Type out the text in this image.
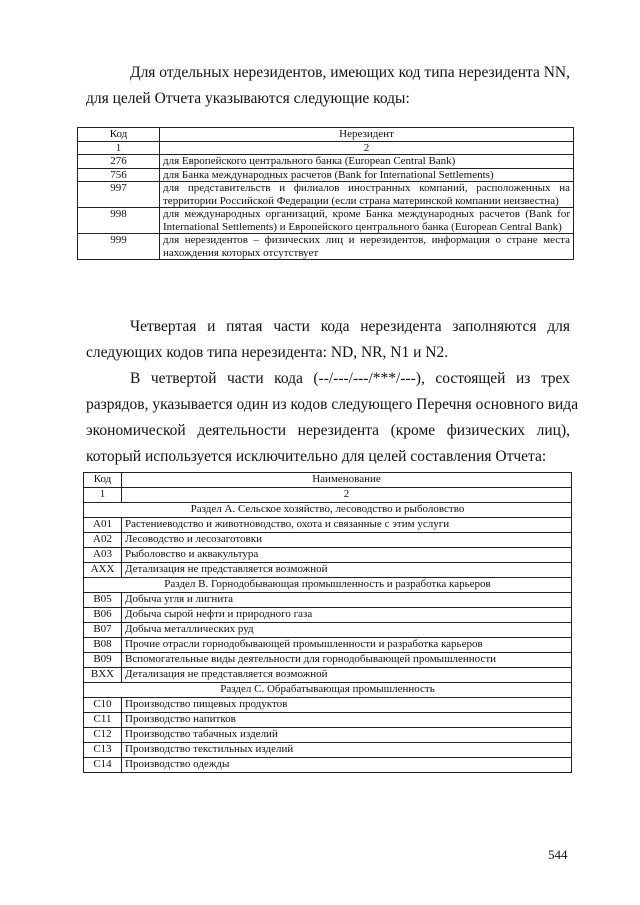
Для отдельных нерезидентов, имеющих код типа нерезидента NN,
для целей Отчета указываются следующие коды:

Код	Нерезидент
1	2
276	для Европейского центрального банка (European Central Bank)
756	для Банка международных расчетов (Bank for International Settlements)
997	для представительств и филиалов иностранных компаний, расположенных на территории Российской Федерации (если страна материнской компании неизвестна)
998	для международных организаций, кроме Банка международных расчетов (Bank for International Settlements) и Европейского центрального банка (European Central Bank)
999	для нерезидентов – физических лиц и нерезидентов, информация о стране места нахождения которых отсутствует

Четвертая и пятая части кода нерезидента заполняются для
следующих кодов типа нерезидента: ND, NR, N1 и N2.

В четвертой части кода (--/---/---/***/---), состоящей из трех
разрядов, указывается один из кодов следующего Перечня основного вида
экономической деятельности нерезидента (кроме физических лиц),
который используется исключительно для целей составления Отчета:

Код	Наименование
1	2
Раздел А. Сельское хозяйство, лесоводство и рыболовство	
A01	Растениеводство и животноводство, охота и связанные с этим услуги
A02	Лесоводство и лесозаготовки
A03	Рыболовство и аквакультура
AXX	Детализация не представляется возможной
Раздел B. Горнодобывающая промышленность и разработка карьеров	
B05	Добыча угля и лигнита
B06	Добыча сырой нефти и природного газа
B07	Добыча металлических руд
B08	Прочие отрасли горнодобывающей промышленности и разработка карьеров
B09	Вспомогательные виды деятельности для горнодобывающей промышленности
BXX	Детализация не представляется возможной
Раздел С. Обрабатывающая промышленность	
C10	Производство пищевых продуктов
C11	Производство напитков
C12	Производство табачных изделий
C13	Производство текстильных изделий
C14	Производство одежды
544
